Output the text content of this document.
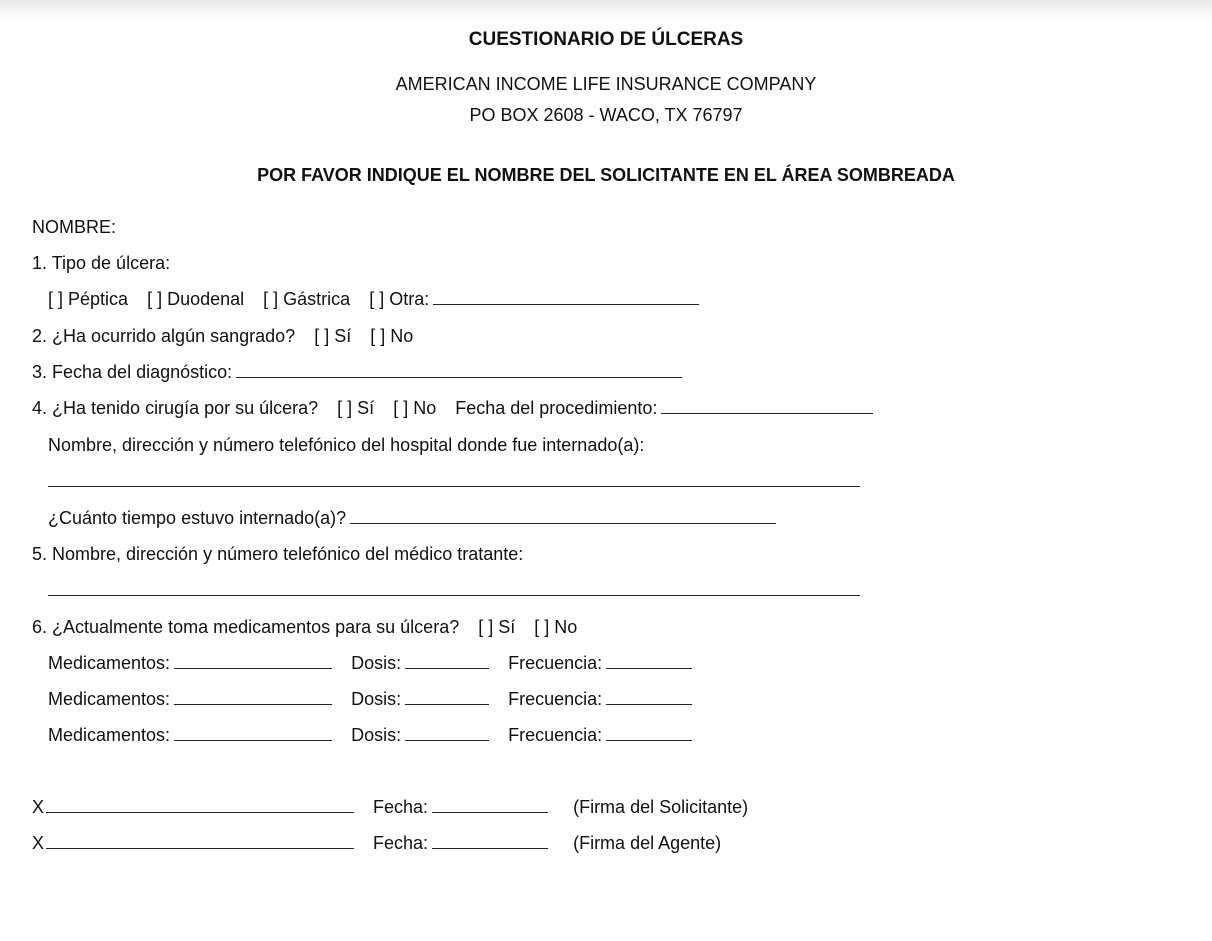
CUESTIONARIO DE ÚLCERAS
AMERICAN INCOME LIFE INSURANCE COMPANY
PO BOX 2608 - WACO, TX 76797
POR FAVOR INDIQUE EL NOMBRE DEL SOLICITANTE EN EL ÁREA SOMBREADA
NOMBRE:
1. Tipo de úlcera:
[ ] Péptica [ ] Duodenal [ ] Gástrica [ ] Otra:
2. ¿Ha ocurrido algún sangrado? [ ] Sí [ ] No
3. Fecha del diagnóstico:
4. ¿Ha tenido cirugía por su úlcera? [ ] Sí [ ] No Fecha del procedimiento:
Nombre, dirección y número telefónico del hospital donde fue internado(a):
¿Cuánto tiempo estuvo internado(a)?
5. Nombre, dirección y número telefónico del médico tratante:
6. ¿Actualmente toma medicamentos para su úlcera? [ ] Sí [ ] No
Medicamentos:	Dosis:	Frecuencia:
Medicamentos:	Dosis:	Frecuencia:
Medicamentos:	Dosis:	Frecuencia:
X	Fecha:	(Firma del Solicitante)
X	Fecha:	(Firma del Agente)
